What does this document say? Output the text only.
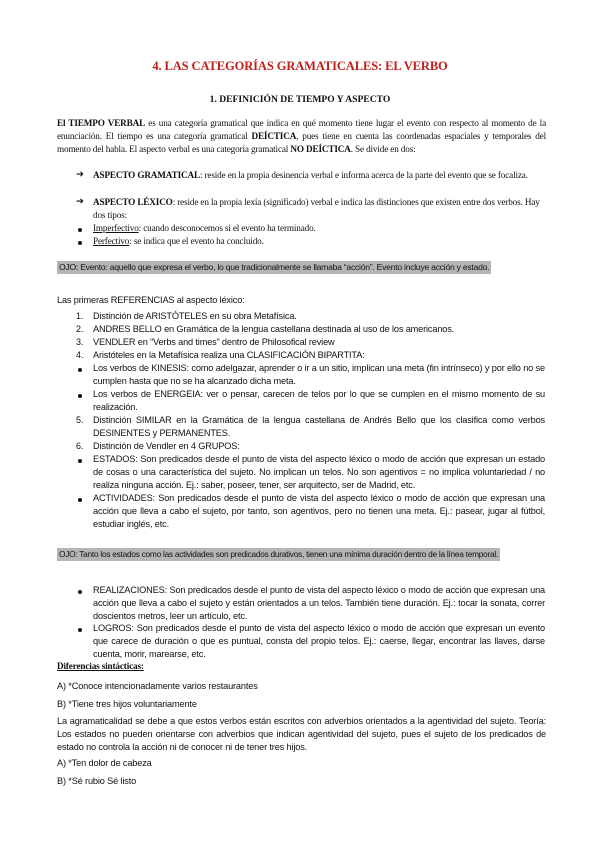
4. LAS CATEGORÍAS GRAMATICALES: EL VERBO
1. DEFINICIÓN DE TIEMPO Y ASPECTO
El TIEMPO VERBAL es una categoría gramatical que indica en qué momento tiene lugar el evento con respecto al momento de la enunciación. El tiempo es una categoría gramatical DEÍCTICA, pues tiene en cuenta las coordenadas espaciales y temporales del momento del habla. El aspecto verbal es una categoría gramatical NO DEÍCTICA. Se divide en dos:
➔ ASPECTO GRAMATICAL: reside en la propia desinencia verbal e informa acerca de la parte del evento que se focaliza.
➔ ASPECTO LÉXICO: reside en la propia lexía (significado) verbal e indica las distinciones que existen entre dos verbos. Hay dos tipos:
Imperfectivo: cuando desconocemos si el evento ha terminado.
Perfectivo: se indica que el evento ha concluido.
OJO: Evento: aquello que expresa el verbo, lo que tradicionalmente se llamaba “acción”. Evento incluye acción y estado.
Las primeras REFERENCIAS al aspecto léxico:
1. Distinción de ARISTÓTELES en su obra Metafísica.
2. ANDRES BELLO en Gramática de la lengua castellana destinada al uso de los americanos.
3. VENDLER en “Verbs and times” dentro de Philosofical review
4. Aristóteles en la Metafísica realiza una CLASIFICACIÓN BIPARTITA:
Los verbos de KINESIS: como adelgazar, aprender o ir a un sitio, implican una meta (fin intrínseco) y por ello no se cumplen hasta que no se ha alcanzado dicha meta.
Los verbos de ENERGEIA: ver o pensar, carecen de telos por lo que se cumplen en el mismo momento de su realización.
5. Distinción SIMILAR en la Gramática de la lengua castellana de Andrés Bello que los clasifica como verbos DESINENTES y PERMANENTES.
6. Distinción de Vendler en 4 GRUPOS:
ESTADOS: Son predicados desde el punto de vista del aspecto léxico o modo de acción que expresan un estado de cosas o una característica del sujeto. No implican un telos. No son agentivos = no implica voluntariedad / no realiza ninguna acción. Ej.: saber, poseer, tener, ser arquitecto, ser de Madrid, etc.
ACTIVIDADES: Son predicados desde el punto de vista del aspecto léxico o modo de acción que expresan una acción que lleva a cabo el sujeto, por tanto, son agentivos, pero no tienen una meta. Ej.: pasear, jugar al fútbol, estudiar inglés, etc.
OJO: Tanto los estados como las actividades son predicados durativos, tienen una mínima duración dentro de la línea temporal.
REALIZACIONES: Son predicados desde el punto de vista del aspecto léxico o modo de acción que expresan una acción que lleva a cabo el sujeto y están orientados a un telos. También tiene duración. Ej.: tocar la sonata, correr doscientos metros, leer un artículo, etc.
LOGROS: Son predicados desde el punto de vista del aspecto léxico o modo de acción que expresan un evento que carece de duración o que es puntual, consta del propio telos. Ej.: caerse, llegar, encontrar las llaves, darse cuenta, morir, marearse, etc.
Diferencias sintácticas:
A) *Conoce intencionadamente varios restaurantes
B) *Tiene tres hijos voluntariamente
La agramaticalidad se debe a que estos verbos están escritos con adverbios orientados a la agentividad del sujeto. Teoría: Los estados no pueden orientarse con adverbios que indican agentividad del sujeto, pues el sujeto de los predicados de estado no controla la acción ni de conocer ni de tener tres hijos.
A) *Ten dolor de cabeza
B) *Sé rubio Sé listo
